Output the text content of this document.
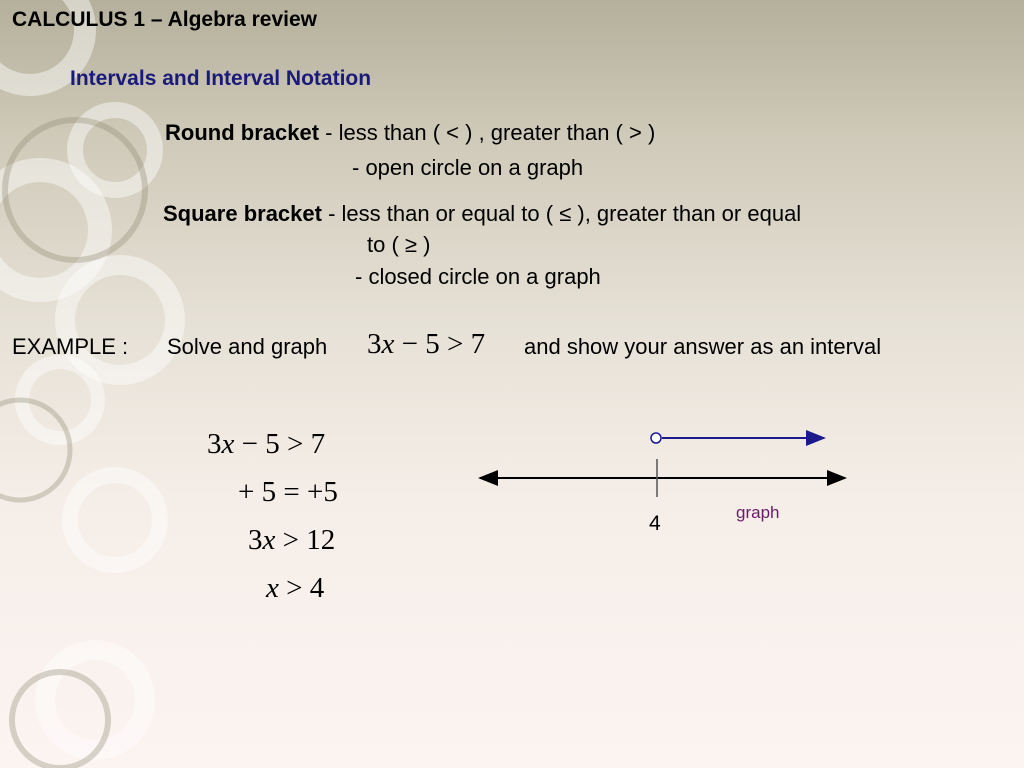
CALCULUS 1 – Algebra review
Intervals and Interval Notation
Round bracket - less than ( < ) , greater than ( > )
- open circle on a graph
Square bracket - less than or equal to ( ≤ ), greater than or equal
to ( ≥ )
- closed circle on a graph
EXAMPLE : Solve and graph 3x − 5 > 7 and show your answer as an interval
3x − 5 > 7
+ 5 = +5
3x > 12
x > 4
4	graph
